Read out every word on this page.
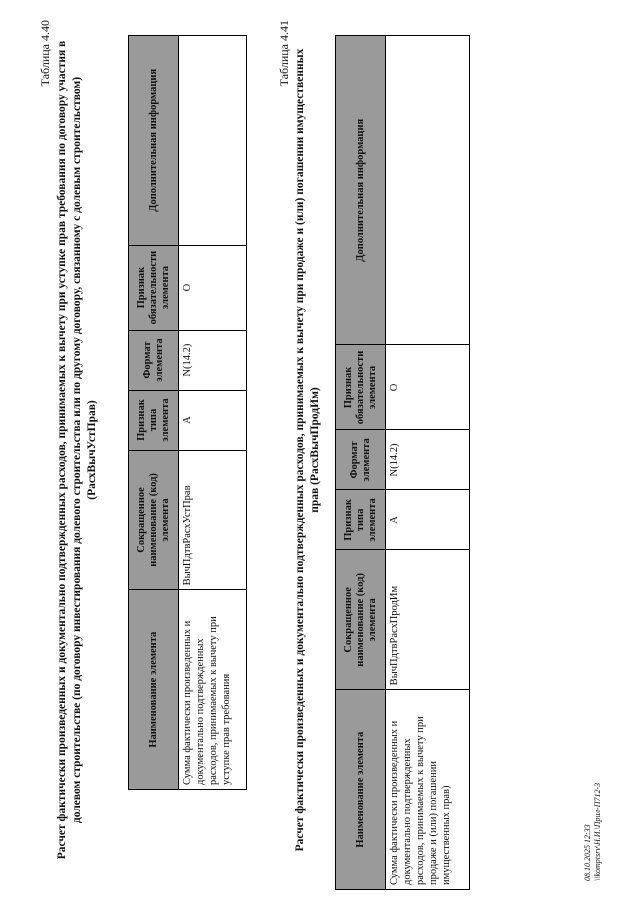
Таблица 4.40 Расчет фактически произведенных и документально подтвержденных расходов, принимаемых к вычету при уступке прав требования по договору участия в долевом строительстве (по договору инвестирования долевого строительства или по другому договору, связанному с долевым строительством) (РасхВычУстПрав)
Наименование элемента	Сокращенное наименование (код) элемента	Признак типа элемента	Формат элемента	Признак обязательности элемента	Дополнительная информация
Сумма фактически произведенных и документально подтвержденных расходов, принимаемых к вычету при уступке прав требования	ВычПдтвРасхУстПрав	А	N(14.2)	О	
Таблица 4.41 Расчет фактически произведенных и документально подтвержденных расходов, принимаемых к вычету при продаже и (или) погашении имущественных прав (РасхВычПродИм)
Наименование элемента	Сокращенное наименование (код) элемента	Признак типа элемента	Формат элемента	Признак обязательности элемента	Дополнительная информация
Сумма фактически произведенных и документально подтвержденных расходов, принимаемых к вычету при продаже и (или) погашении имущественных прав)	ВычПдтвРасхПродИм	А	N(14.2)	О	
08.10.2025 12:33 \\komptsrv\Н.И.\Прил-П712-3
